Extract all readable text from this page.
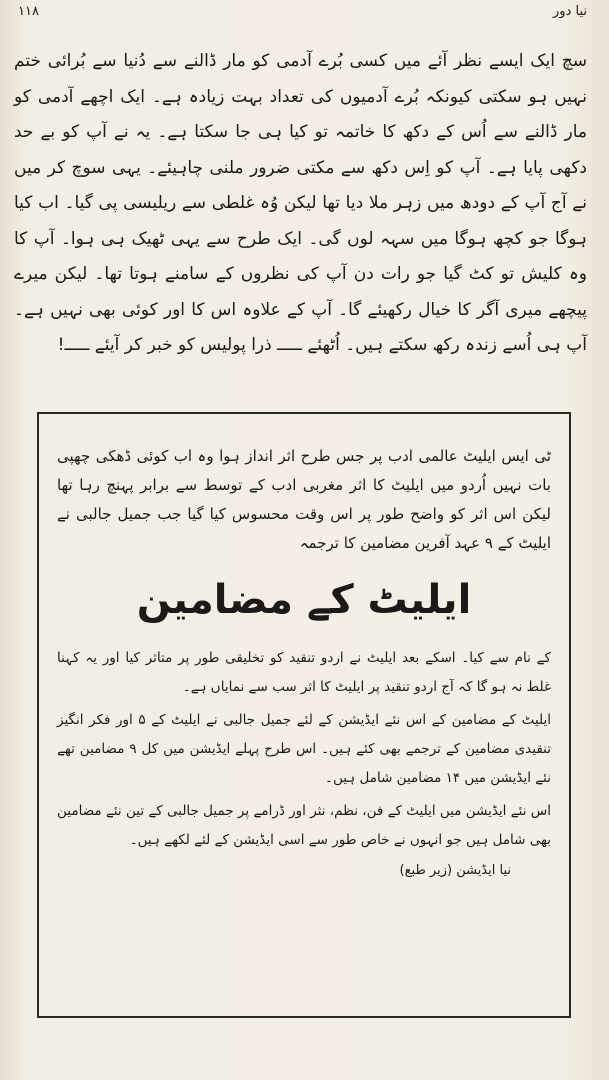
نیا دور
۱۱۸

سچ ایک ایسے نظر آئے میں کسی بُرے آدمی کو مار ڈالنے سے دُنیا سے بُرائی ختم نہیں ہو سکتی کیونکہ بُرے آدمیوں کی تعداد بہت زیادہ ہے۔ ایک اچھے آدمی کو مار ڈالنے سے اُس کے دکھ کا خاتمہ تو کیا ہی جا سکتا ہے۔ یہ نے آپ کو بے حد دکھی پایا ہے۔ آپ کو اِس دکھ سے مکتی ضرور ملنی چاہیئے۔ یہی سوچ کر میں نے آج آپ کے دودھ میں زہر ملا دیا تھا لیکن وُہ غلطی سے ریلیسی پی گیا۔ اب کیا ہوگا جو کچھ ہوگا میں سہہ لوں گی۔ ایک طرح سے یہی ٹھیک ہی ہوا۔ آپ کا وہ کلیش تو کٹ گیا جو رات دن آپ کی نظروں کے سامنے ہوتا تھا۔ لیکن میرے پیچھے میری آگر کا خیال رکھیئے گا۔ آپ کے علاوہ اس کا اور کوئی بھی نہیں ہے۔ آپ ہی اُسے زندہ رکھ سکتے ہیں۔ اُٹھئے ـــــ ذرا پولیس کو خبر کر آیئے ـــــ!

ٹی ایس ایلیٹ عالمی ادب پر جس طرح اثر انداز ہوا وہ اب کوئی ڈھکی چھپی بات نہیں اُردو میں ایلیٹ کا اثر مغربی ادب کے توسط سے برابر پہنچ رہا تھا لیکن اس اثر کو واضح طور پر اس وقت محسوس کیا گیا جب جمیل جالبی نے ایلیٹ کے ۹ عہد آفرین مضامین کا ترجمہ

ایلیٹ کے مضامین

کے نام سے کیا۔ اسکے بعد ایلیٹ نے اردو تنقید کو تخلیقی طور پر متاثر کیا اور یہ کہنا غلط نہ ہو گا کہ آج اردو تنقید پر ایلیٹ کا اثر سب سے نمایاں ہے۔

ایلیٹ کے مضامین کے اس نئے ایڈیشن کے لئے جمیل جالبی نے ایلیٹ کے ۵ اور فکر انگیز تنقیدی مضامین کے ترجمے بھی کئے ہیں۔ اس طرح پہلے ایڈیشن میں کل ۹ مضامین تھے نئے ایڈیشن میں ۱۴ مضامین شامل ہیں۔

اس نئے ایڈیشن میں ایلیٹ کے فن، نظم، نثر اور ڈرامے پر جمیل جالبی کے تین نئے مضامین بھی شامل ہیں جو انہوں نے خاص طور سے اسی ایڈیشن کے لئے لکھے ہیں۔

نیا ایڈیشن (زیر طبع)
